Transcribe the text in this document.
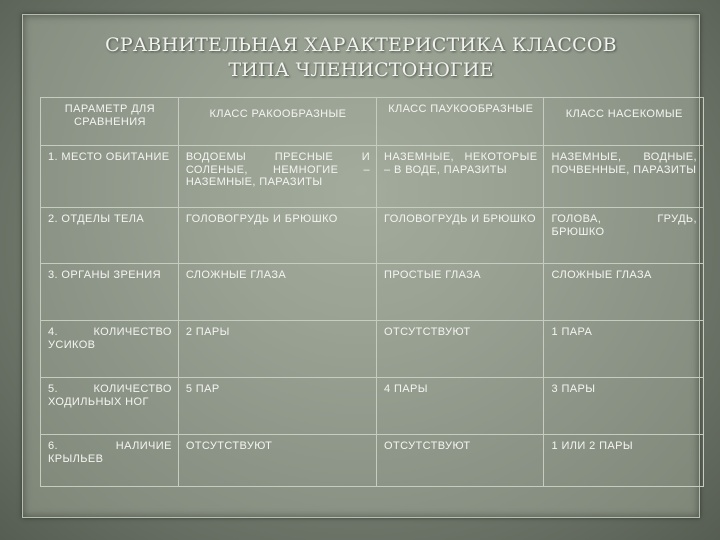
СРАВНИТЕЛЬНАЯ ХАРАКТЕРИСТИКА КЛАССОВ
ТИПА ЧЛЕНИСТОНОГИЕ
ПАРАМЕТР ДЛЯ СРАВНЕНИЯ	КЛАСС РАКООБРАЗНЫЕ	КЛАСС ПАУКООБРАЗНЫЕ	КЛАСС НАСЕКОМЫЕ
1. МЕСТО ОБИТАНИЕ	ВОДОЕМЫ ПРЕСНЫЕ И СОЛЕНЫЕ, НЕМНОГИЕ – НАЗЕМНЫЕ, ПАРАЗИТЫ	НАЗЕМНЫЕ, НЕКОТОРЫЕ – В ВОДЕ, ПАРАЗИТЫ	НАЗЕМНЫЕ, ВОДНЫЕ, ПОЧВЕННЫЕ, ПАРАЗИТЫ
2. ОТДЕЛЫ ТЕЛА	ГОЛОВОГРУДЬ И БРЮШКО	ГОЛОВОГРУДЬ И БРЮШКО	ГОЛОВА, ГРУДЬ, БРЮШКО
3. ОРГАНЫ ЗРЕНИЯ	СЛОЖНЫЕ ГЛАЗА	ПРОСТЫЕ ГЛАЗА	СЛОЖНЫЕ ГЛАЗА
4. КОЛИЧЕСТВО УСИКОВ	2 ПАРЫ	ОТСУТСТВУЮТ	1 ПАРА
5. КОЛИЧЕСТВО ХОДИЛЬНЫХ НОГ	5 ПАР	4 ПАРЫ	3 ПАРЫ
6. НАЛИЧИЕ КРЫЛЬЕВ	ОТСУТСТВУЮТ	ОТСУТСТВУЮТ	1 ИЛИ 2 ПАРЫ
